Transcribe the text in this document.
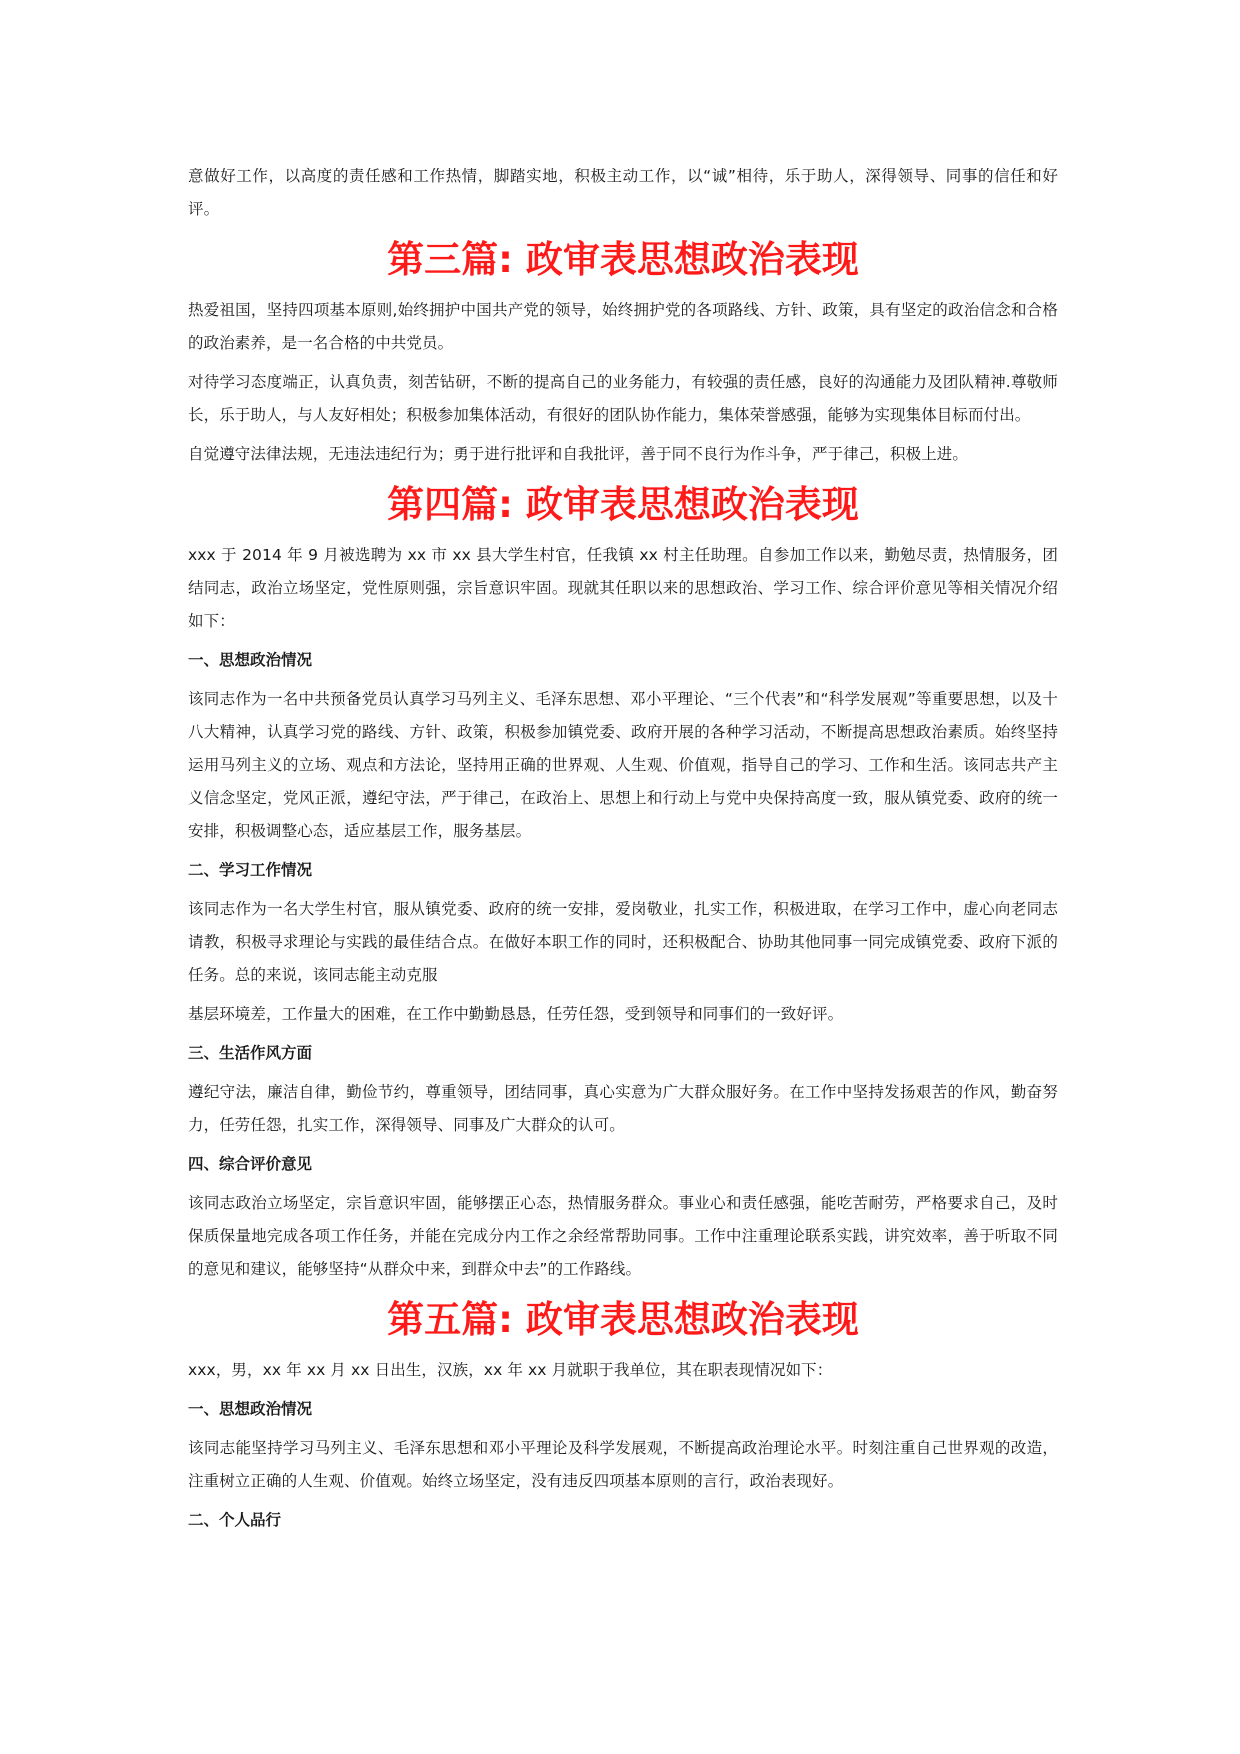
意做好工作，以高度的责任感和工作热情，脚踏实地，积极主动工作，以“诚”相待，乐于助人，深得领导、同事的信任和好评。

第三篇: 政审表思想政治表现

热爱祖国，坚持四项基本原则,始终拥护中国共产党的领导，始终拥护党的各项路线、方针、政策，具有坚定的政治信念和合格的政治素养，是一名合格的中共党员。

对待学习态度端正，认真负责，刻苦钻研，不断的提高自己的业务能力，有较强的责任感，良好的沟通能力及团队精神.尊敬师长，乐于助人，与人友好相处；积极参加集体活动，有很好的团队协作能力，集体荣誉感强，能够为实现集体目标而付出。

自觉遵守法律法规，无违法违纪行为；勇于进行批评和自我批评，善于同不良行为作斗争，严于律己，积极上进。

第四篇: 政审表思想政治表现

xxx 于 2014 年 9 月被选聘为 xx 市 xx 县大学生村官，任我镇 xx 村主任助理。自参加工作以来，勤勉尽责，热情服务，团结同志，政治立场坚定，党性原则强，宗旨意识牢固。现就其任职以来的思想政治、学习工作、综合评价意见等相关情况介绍如下：

一、思想政治情况

该同志作为一名中共预备党员认真学习马列主义、毛泽东思想、邓小平理论、“三个代表”和“科学发展观”等重要思想，以及十八大精神，认真学习党的路线、方针、政策，积极参加镇党委、政府开展的各种学习活动，不断提高思想政治素质。始终坚持运用马列主义的立场、观点和方法论，坚持用正确的世界观、人生观、价值观，指导自己的学习、工作和生活。该同志共产主义信念坚定，党风正派，遵纪守法，严于律己，在政治上、思想上和行动上与党中央保持高度一致，服从镇党委、政府的统一安排，积极调整心态，适应基层工作，服务基层。

二、学习工作情况

该同志作为一名大学生村官，服从镇党委、政府的统一安排，爱岗敬业，扎实工作，积极进取，在学习工作中，虚心向老同志请教，积极寻求理论与实践的最佳结合点。在做好本职工作的同时，还积极配合、协助其他同事一同完成镇党委、政府下派的任务。总的来说，该同志能主动克服

基层环境差，工作量大的困难，在工作中勤勤恳恳，任劳任怨，受到领导和同事们的一致好评。

三、生活作风方面

遵纪守法，廉洁自律，勤俭节约，尊重领导，团结同事，真心实意为广大群众服好务。在工作中坚持发扬艰苦的作风，勤奋努力，任劳任怨，扎实工作，深得领导、同事及广大群众的认可。

四、综合评价意见

该同志政治立场坚定，宗旨意识牢固，能够摆正心态，热情服务群众。事业心和责任感强，能吃苦耐劳，严格要求自己，及时保质保量地完成各项工作任务，并能在完成分内工作之余经常帮助同事。工作中注重理论联系实践，讲究效率，善于听取不同的意见和建议，能够坚持“从群众中来，到群众中去”的工作路线。

第五篇: 政审表思想政治表现

xxx，男，xx 年 xx 月 xx 日出生，汉族，xx 年 xx 月就职于我单位，其在职表现情况如下：

一、思想政治情况

该同志能坚持学习马列主义、毛泽东思想和邓小平理论及科学发展观，不断提高政治理论水平。时刻注重自己世界观的改造，注重树立正确的人生观、价值观。始终立场坚定，没有违反四项基本原则的言行，政治表现好。

二、个人品行
